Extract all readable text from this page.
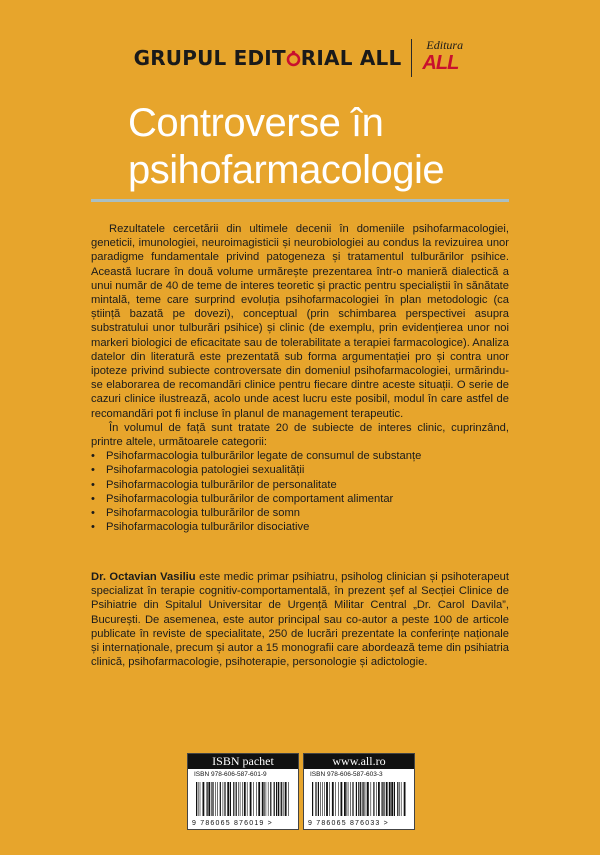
GRUPUL EDIT RIAL ALL
Editura
ALL
Controverse în
psihofarmacologie

Rezultatele cercetării din ultimele decenii în domeniile psihofarmacologiei, geneticii, imunologiei, neuroimagisticii și neurobiologiei au condus la revizuirea unor paradigme fundamentale privind patogeneza și tratamentul tulburărilor psihice. Această lucrare în două volume urmărește prezentarea într-o manieră dialectică a unui număr de 40 de teme de interes teoretic și practic pentru specialiștii în sănătate mintală, teme care surprind evoluția psihofarmacologiei în plan metodologic (ca știință bazată pe dovezi), conceptual (prin schimbarea perspectivei asupra substratului unor tulburări psihice) și clinic (de exemplu, prin evidențierea unor noi markeri biologici de eficacitate sau de tolerabilitate a terapiei farmacologice). Analiza datelor din literatură este prezentată sub forma argumentației pro și contra unor ipoteze privind subiecte controversate din domeniul psihofarmacologiei, urmărindu-se elaborarea de recomandări clinice pentru fiecare dintre aceste situații. O serie de cazuri clinice ilustrează, acolo unde acest lucru este posibil, modul în care astfel de recomandări pot fi incluse în planul de management terapeutic.

În volumul de față sunt tratate 20 de subiecte de interes clinic, cuprinzând, printre altele, următoarele categorii:

• Psihofarmacologia tulburărilor legate de consumul de substanțe
• Psihofarmacologia patologiei sexualității
• Psihofarmacologia tulburărilor de personalitate
• Psihofarmacologia tulburărilor de comportament alimentar
• Psihofarmacologia tulburărilor de somn
• Psihofarmacologia tulburărilor disociative

Dr. Octavian Vasiliu este medic primar psihiatru, psiholog clinician și psihoterapeut specializat în terapie cognitiv-comportamentală, în prezent șef al Secției Clinice de Psihiatrie din Spitalul Universitar de Urgență Militar Central „Dr. Carol Davila”, București. De asemenea, este autor principal sau co-autor a peste 100 de articole publicate în reviste de specialitate, 250 de lucrări prezentate la conferințe naționale și internaționale, precum și autor a 15 monografii care abordează teme din psihiatria clinică, psihofarmacologie, psihoterapie, personologie și adictologie.

ISBN pachet
ISBN 978-606-587-601-9
9 786065 876019 >
www.all.ro
ISBN 978-606-587-603-3
9 786065 876033 >
